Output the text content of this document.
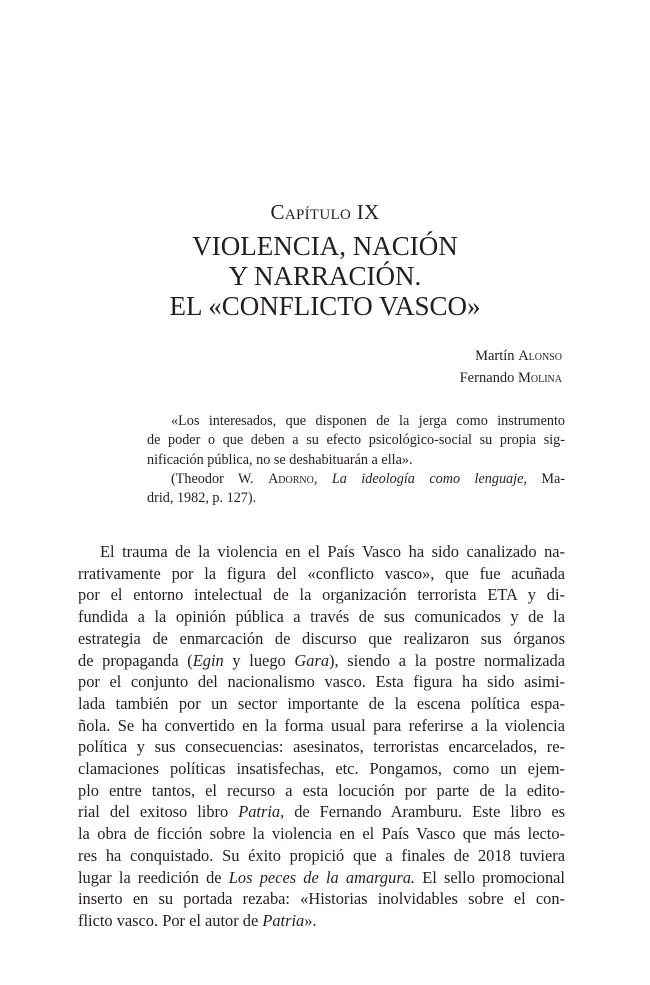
Capítulo IX
VIOLENCIA, NACIÓN
Y NARRACIÓN.
EL «CONFLICTO VASCO»
Martín Alonso
Fernando Molina
«Los interesados, que disponen de la jerga como instrumento
de poder o que deben a su efecto psicológico-social su propia sig-
nificación pública, no se deshabituarán a ella».
(Theodor W. Adorno, La ideología como lenguaje, Ma-
drid, 1982, p. 127).
El trauma de la violencia en el País Vasco ha sido canalizado na-
rrativamente por la figura del «conflicto vasco», que fue acuñada
por el entorno intelectual de la organización terrorista ETA y di-
fundida a la opinión pública a través de sus comunicados y de la
estrategia de enmarcación de discurso que realizaron sus órganos
de propaganda (Egin y luego Gara), siendo a la postre normalizada
por el conjunto del nacionalismo vasco. Esta figura ha sido asimi-
lada también por un sector importante de la escena política espa-
ñola. Se ha convertido en la forma usual para referirse a la violencia
política y sus consecuencias: asesinatos, terroristas encarcelados, re-
clamaciones políticas insatisfechas, etc. Pongamos, como un ejem-
plo entre tantos, el recurso a esta locución por parte de la edito-
rial del exitoso libro Patria, de Fernando Aramburu. Este libro es
la obra de ficción sobre la violencia en el País Vasco que más lecto-
res ha conquistado. Su éxito propició que a finales de 2018 tuviera
lugar la reedición de Los peces de la amargura. El sello promocional
inserto en su portada rezaba: «Historias inolvidables sobre el con-
flicto vasco. Por el autor de Patria».
